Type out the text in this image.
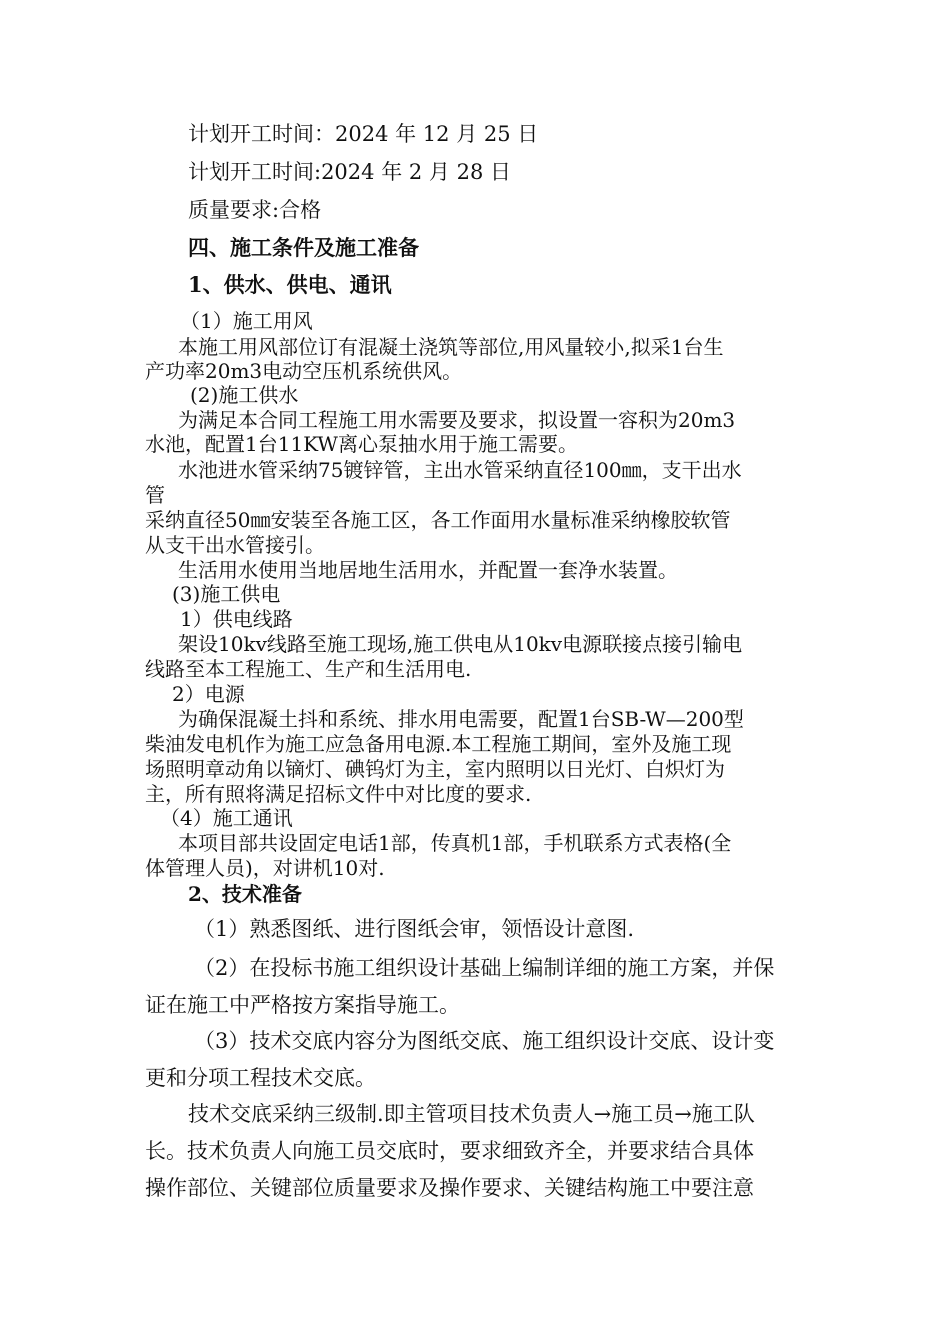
计划开工时间：2024 年 12 月 25 日

计划开工时间:2024 年 2 月 28 日

质量要求:合格

四、施工条件及施工准备

1、供水、供电、通讯

（1）施工用风

本施工用风部位订有混凝土浇筑等部位,用风量较小,拟采1台生

产功率20m3电动空压机系统供风。

(2)施工供水

为满足本合同工程施工用水需要及要求，拟设置一容积为20m3

水池，配置1台11KW离心泵抽水用于施工需要。

水池进水管采纳75镀锌管，主出水管采纳直径100㎜，支干出水

管

采纳直径50㎜安装至各施工区，各工作面用水量标准采纳橡胶软管

从支干出水管接引。

生活用水使用当地居地生活用水，并配置一套净水装置。

(3)施工供电

1）供电线路

架设10kv线路至施工现场,施工供电从10kv电源联接点接引输电

线路至本工程施工、生产和生活用电.

2）电源

为确保混凝土抖和系统、排水用电需要，配置1台SB-W—200型

柴油发电机作为施工应急备用电源.本工程施工期间，室外及施工现

场照明章动角以镝灯、碘钨灯为主，室内照明以日光灯、白炽灯为

主，所有照将满足招标文件中对比度的要求.

（4）施工通讯

本项目部共设固定电话1部，传真机1部，手机联系方式表格(全

体管理人员)，对讲机10对.

2、技术准备

（1）熟悉图纸、进行图纸会审，领悟设计意图.

（2）在投标书施工组织设计基础上编制详细的施工方案，并保

证在施工中严格按方案指导施工。

（3）技术交底内容分为图纸交底、施工组织设计交底、设计变

更和分项工程技术交底。

技术交底采纳三级制.即主管项目技术负责人→施工员→施工队

长。技术负责人向施工员交底时，要求细致齐全，并要求结合具体

操作部位、关键部位质量要求及操作要求、关键结构施工中要注意
